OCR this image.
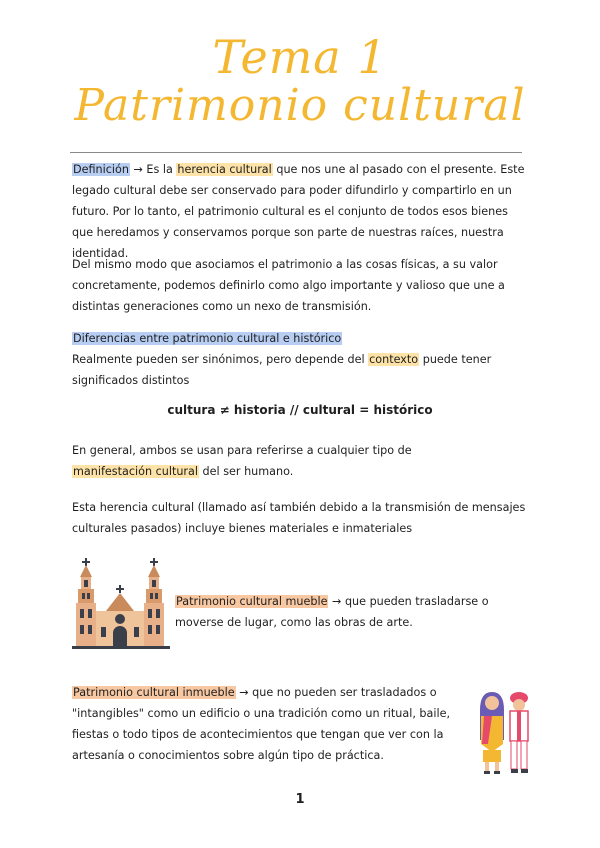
Tema 1
Patrimonio cultural

Definición → Es la herencia cultural que nos une al pasado con el presente. Este legado cultural debe ser conservado para poder difundirlo y compartirlo en un futuro. Por lo tanto, el patrimonio cultural es el conjunto de todos esos bienes que heredamos y conservamos porque son parte de nuestras raíces, nuestra identidad.

Del mismo modo que asociamos el patrimonio a las cosas físicas, a su valor concretamente, podemos definirlo como algo importante y valioso que une a distintas generaciones como un nexo de transmisión.

Diferencias entre patrimonio cultural e histórico
Realmente pueden ser sinónimos, pero depende del contexto puede tener significados distintos

cultura ≠ historia // cultural = histórico

En general, ambos se usan para referirse a cualquier tipo de manifestación cultural del ser humano.

Esta herencia cultural (llamado así también debido a la transmisión de mensajes culturales pasados) incluye bienes materiales e inmateriales

Patrimonio cultural mueble → que pueden trasladarse o moverse de lugar, como las obras de arte.

Patrimonio cultural inmueble → que no pueden ser trasladados o "intangibles" como un edificio o una tradición como un ritual, baile, fiestas o todo tipos de acontecimientos que tengan que ver con la artesanía o conocimientos sobre algún tipo de práctica.

1
